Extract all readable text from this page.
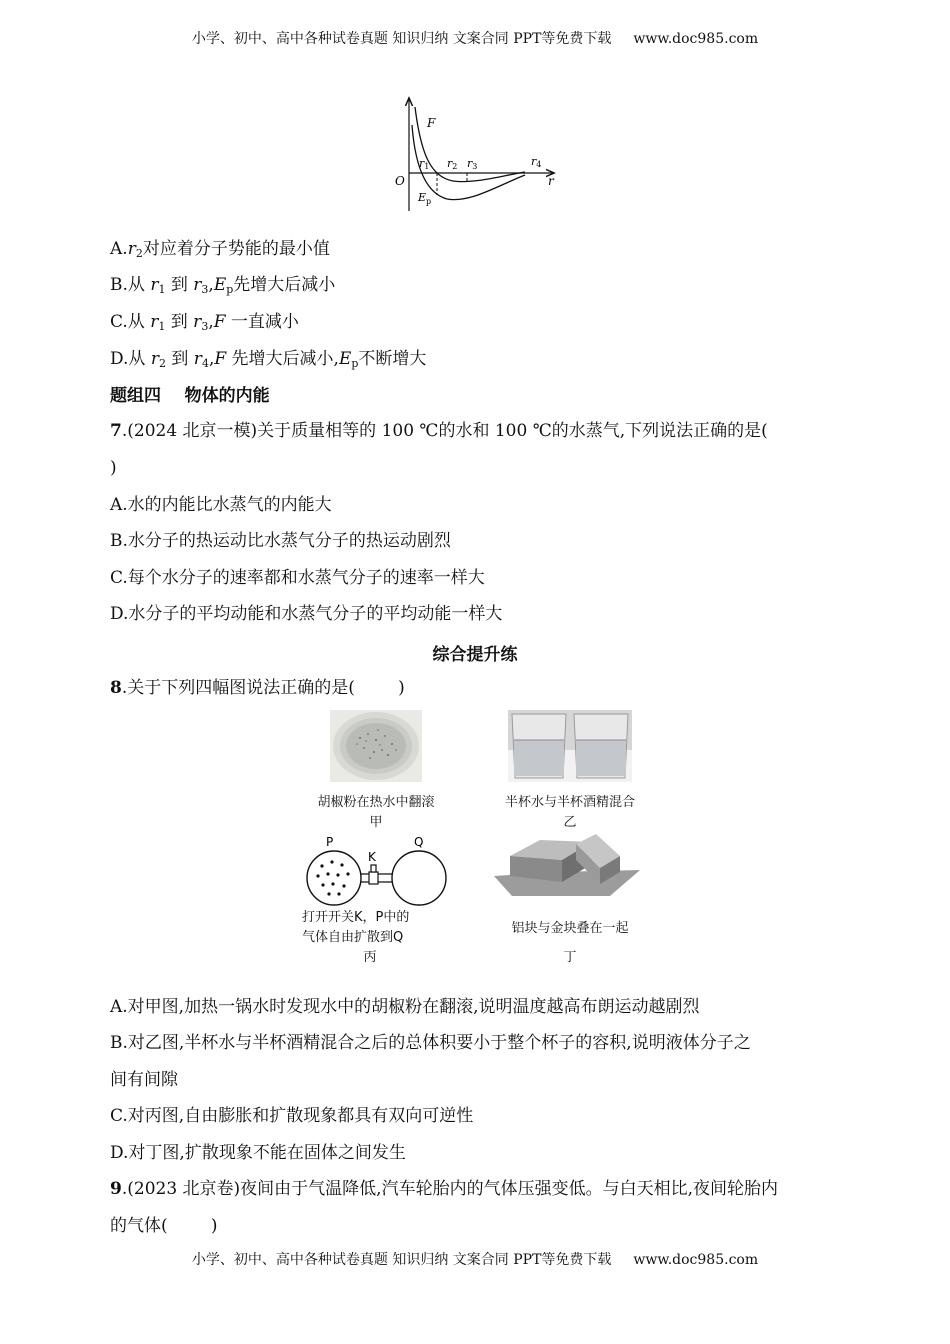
小学、初中、高中各种试卷真题 知识归纳 文案合同 PPT等免费下载 www.doc985.com
F
O	r
r1 r2 r3	r4
$E_p$
$A.r_2$对应着分子势能的最小值
B.从 $r_1$ 到 $r_3,E_p$先增大后减小
C.从 $r_1$ 到 $r_3,F$ 一直减小
D.从 $r_2$ 到 $r_4,F$ 先增大后减小$,E_p$不断增大
题组四    物体的内能
7.(2024 北京一模)关于质量相等的 100 ℃的水和 100 ℃的水蒸气,下列说法正确的是(
)
A.水的内能比水蒸气的内能大
B.水分子的热运动比水蒸气分子的热运动剧烈
C.每个水分子的速率都和水蒸气分子的速率一样大
D.水分子的平均动能和水蒸气分子的平均动能一样大
综合提升练
8.关于下列四幅图说法正确的是(        )
胡椒粉在热水中翻滚
甲
半杯水与半杯酒精混合
乙
P
K
Q
打开开关K，P中的
气体自由扩散到Q
丙
铝块与金块叠在一起
丁
A.对甲图,加热一锅水时发现水中的胡椒粉在翻滚,说明温度越高布朗运动越剧烈
B.对乙图,半杯水与半杯酒精混合之后的总体积要小于整个杯子的容积,说明液体分子之
间有间隙
C.对丙图,自由膨胀和扩散现象都具有双向可逆性
D.对丁图,扩散现象不能在固体之间发生
9.(2023 北京卷)夜间由于气温降低,汽车轮胎内的气体压强变低。与白天相比,夜间轮胎内
的气体(        )
小学、初中、高中各种试卷真题 知识归纳 文案合同 PPT等免费下载 www.doc985.com
